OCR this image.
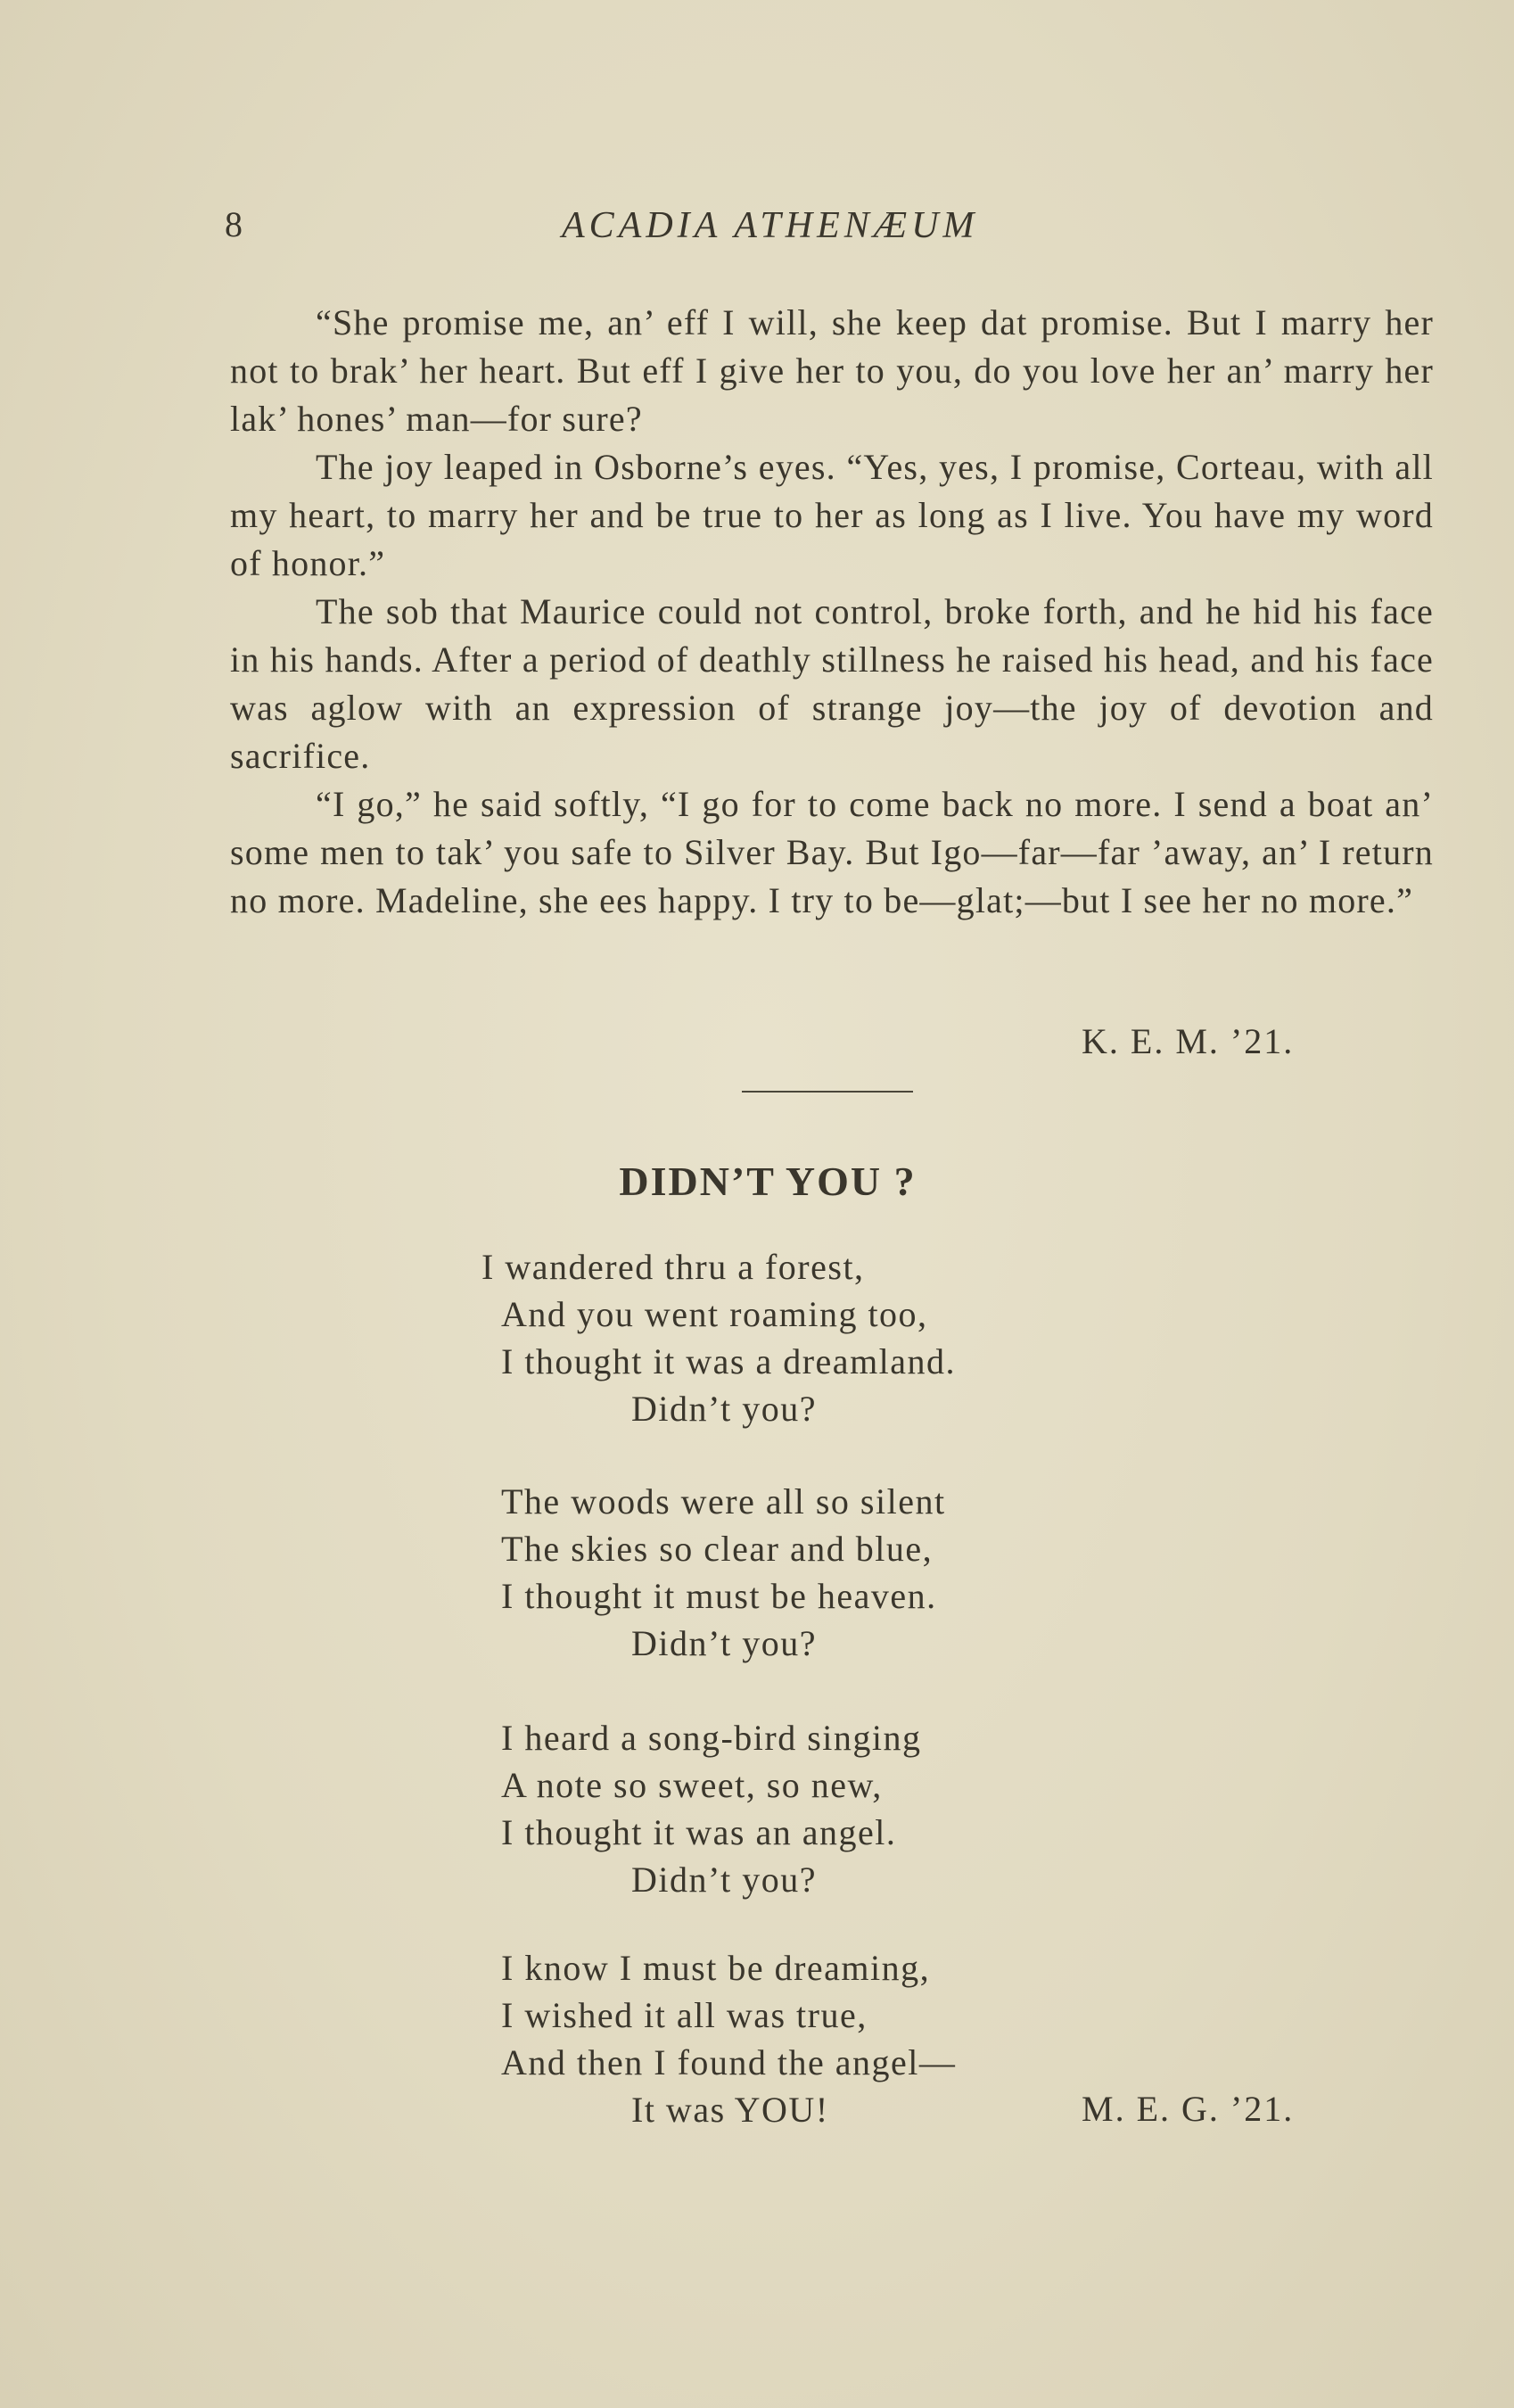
8	ACADIA ATHENÆUM

“She promise me, an’ eff I will, she keep dat promise. But I marry her not to brak’ her heart. But eff I give her to you, do you love her an’ marry her lak’ hones’ man—for sure?

The joy leaped in Osborne’s eyes. “Yes, yes, I promise, Corteau, with all my heart, to marry her and be true to her as long as I live. You have my word of honor.”

The sob that Maurice could not control, broke forth, and he hid his face in his hands. After a period of deathly stillness he raised his head, and his face was aglow with an expression of strange joy—the joy of devotion and sacrifice.

“I go,” he said softly, “I go for to come back no more. I send a boat an’ some men to tak’ you safe to Silver Bay. But Igo—far—far ’away, an’ I return no more. Madeline, she ees happy. I try to be—glat;—but I see her no more.”

K. E. M. ’21.
DIDN’T YOU ?
I wandered thru a forest,
And you went roaming too,
I thought it was a dreamland.
Didn’t you?
The woods were all so silent
The skies so clear and blue,
I thought it must be heaven.
Didn’t you?
I heard a song-bird singing
A note so sweet, so new,
I thought it was an angel.
Didn’t you?
I know I must be dreaming,
I wished it all was true,
And then I found the angel—
It was YOU!	M. E. G. ’21.
